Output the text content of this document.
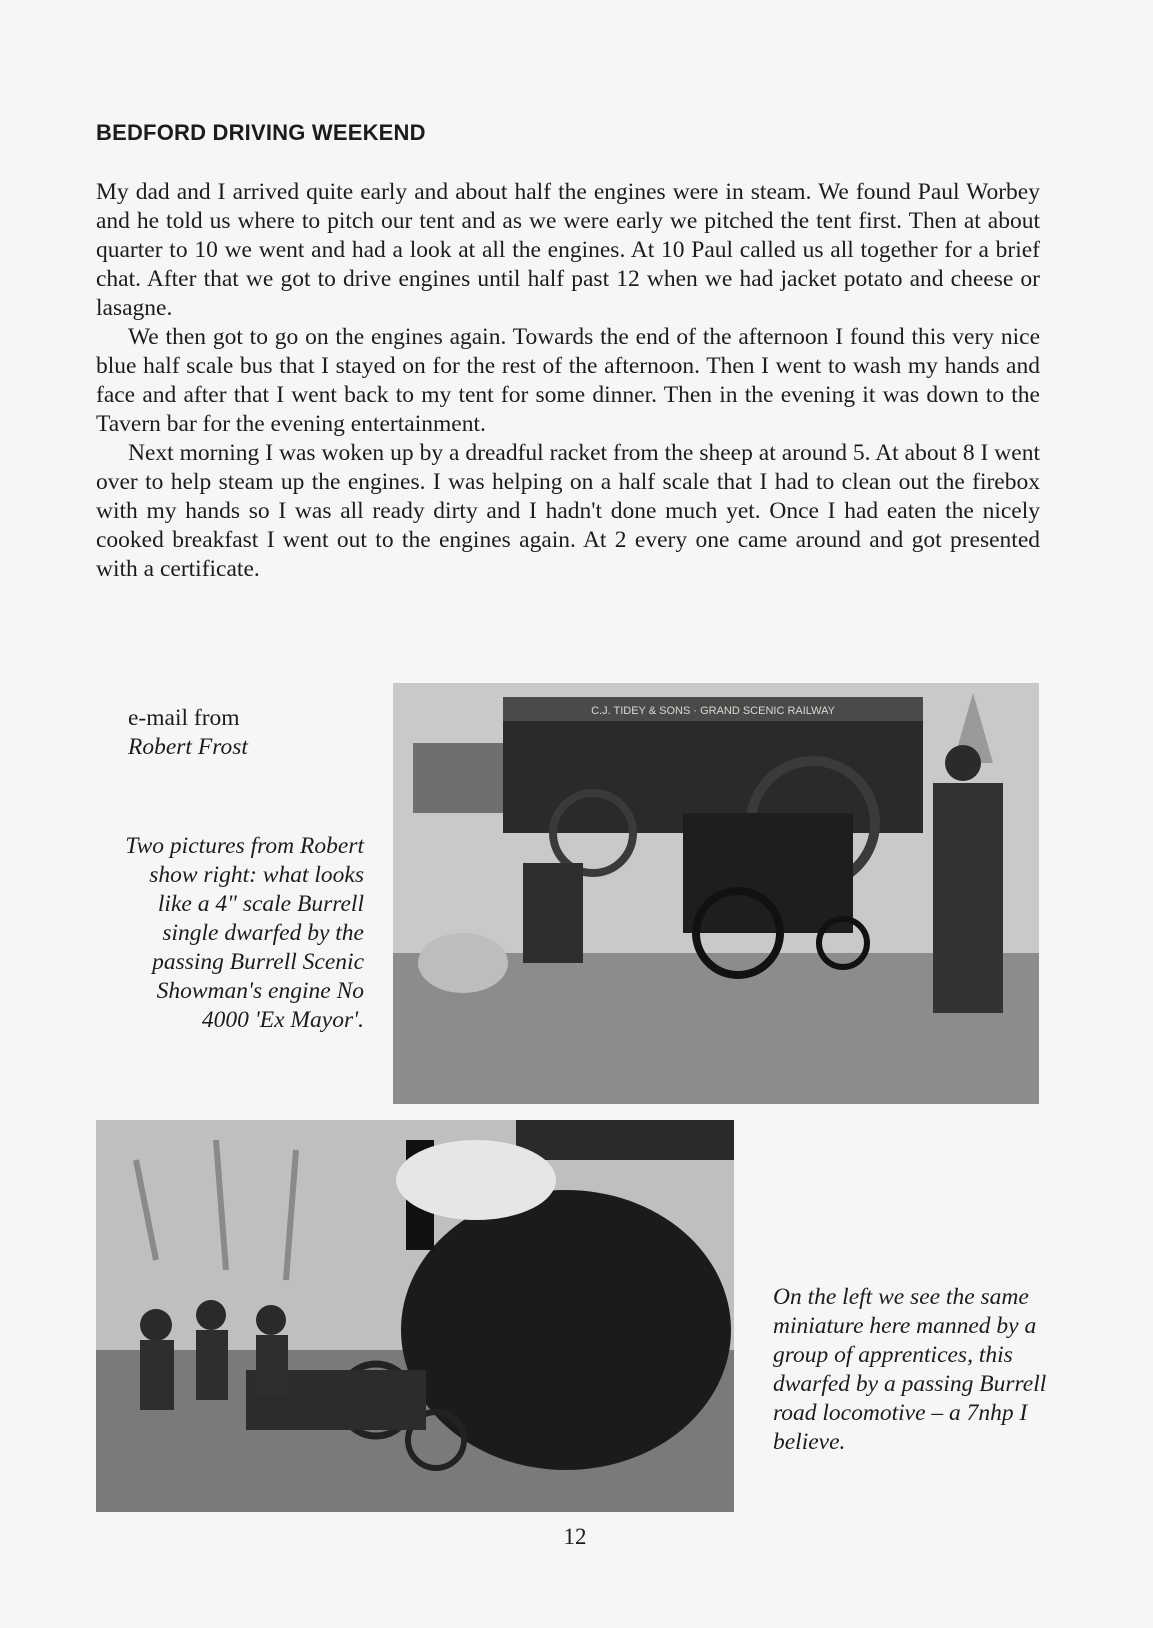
BEDFORD DRIVING WEEKEND

My dad and I arrived quite early and about half the engines were in steam. We found Paul Worbey and he told us where to pitch our tent and as we were early we pitched the tent first. Then at about quarter to 10 we went and had a look at all the engines. At 10 Paul called us all together for a brief chat. After that we got to drive engines until half past 12 when we had jacket potato and cheese or lasagne.

We then got to go on the engines again. Towards the end of the afternoon I found this very nice blue half scale bus that I stayed on for the rest of the afternoon. Then I went to wash my hands and face and after that I went back to my tent for some dinner. Then in the evening it was down to the Tavern bar for the evening entertainment.

Next morning I was woken up by a dreadful racket from the sheep at around 5. At about 8 I went over to help steam up the engines. I was helping on a half scale that I had to clean out the firebox with my hands so I was all ready dirty and I hadn't done much yet. Once I had eaten the nicely cooked breakfast I went out to the engines again. At 2 every one came around and got presented with a certificate.

e-mail from
Robert Frost
Two pictures from Robert show right: what looks like a 4" scale Burrell single dwarfed by the passing Burrell Scenic Showman's engine No 4000 'Ex Mayor'.
C.J. TIDEY & SONS · GRAND SCENIC RAILWAY
On the left we see the same miniature here manned by a group of apprentices, this dwarfed by a passing Burrell road locomotive – a 7nhp I believe.
12
